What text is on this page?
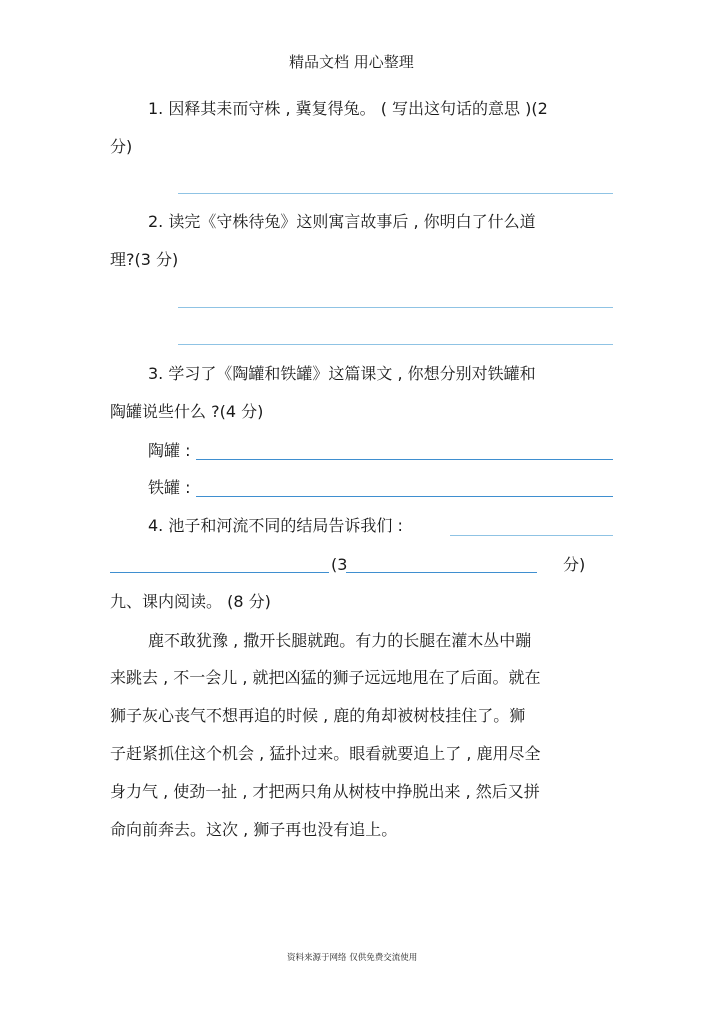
精品文档 用心整理
1. 因释其耒而守株 , 冀复得兔。 ( 写出这句话的意思 )(2
分)
2. 读完《守株待兔》这则寓言故事后 , 你明白了什么道
理?(3 分)
3. 学习了《陶罐和铁罐》这篇课文 , 你想分别对铁罐和
陶罐说些什么 ?(4 分)
陶罐 :
铁罐 :
4. 池子和河流不同的结局告诉我们 :
(3	分)
九、课内阅读。 (8 分)
鹿不敢犹豫 , 撒开长腿就跑。有力的长腿在灌木丛中蹦
来跳去 , 不一会儿 , 就把凶猛的狮子远远地甩在了后面。就在
狮子灰心丧气不想再追的时候 , 鹿的角却被树枝挂住了。狮
子赶紧抓住这个机会 , 猛扑过来。眼看就要追上了 , 鹿用尽全
身力气 , 使劲一扯 , 才把两只角从树枝中挣脱出来 , 然后又拼
命向前奔去。这次 , 狮子再也没有追上。
资料来源于网络 仅供免费交流使用
